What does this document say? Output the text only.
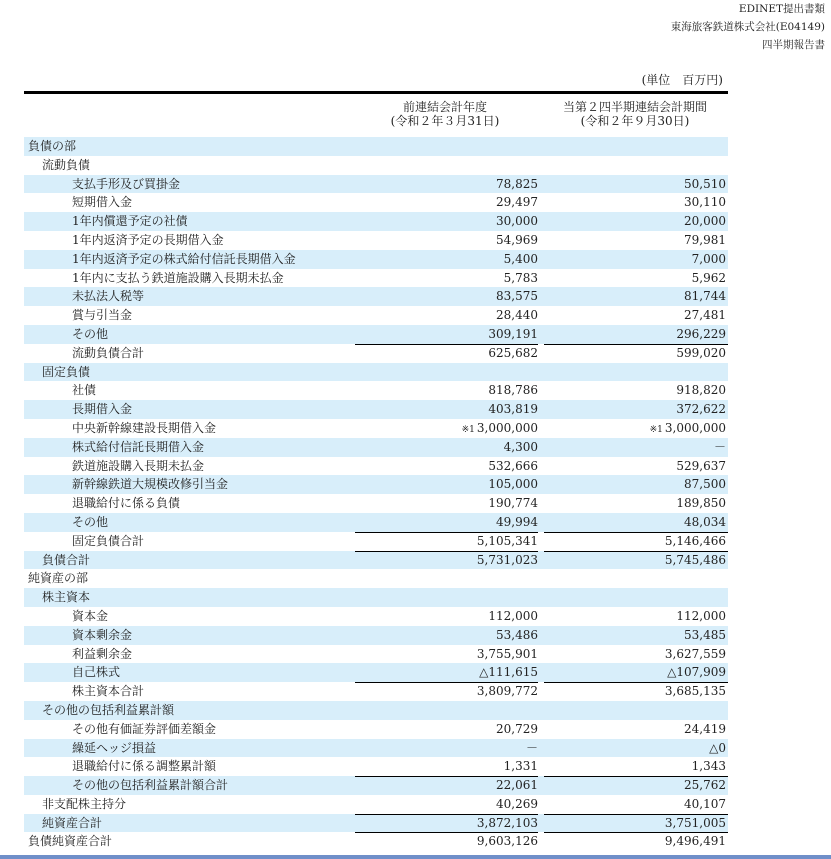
EDINET提出書類
東海旅客鉄道株式会社(E04149)
四半期報告書
(単位　百万円)
前連結会計年度
(令和２年３月31日)
当第２四半期連結会計期間
(令和２年９月30日)
負債の部
流動負債
支払手形及び買掛金	78,825	50,510
短期借入金	29,497	30,110
1年内償還予定の社債	30,000	20,000
1年内返済予定の長期借入金	54,969	79,981
1年内返済予定の株式給付信託長期借入金	5,400	7,000
1年内に支払う鉄道施設購入長期未払金	5,783	5,962
未払法人税等	83,575	81,744
賞与引当金	28,440	27,481
その他	309,191	296,229
流動負債合計	625,682	599,020
固定負債
社債	818,786	918,820
長期借入金	403,819	372,622
中央新幹線建設長期借入金	※1 3,000,000	※1 3,000,000
株式給付信託長期借入金	4,300	－
鉄道施設購入長期未払金	532,666	529,637
新幹線鉄道大規模改修引当金	105,000	87,500
退職給付に係る負債	190,774	189,850
その他	49,994	48,034
固定負債合計	5,105,341	5,146,466
負債合計	5,731,023	5,745,486
純資産の部
株主資本
資本金	112,000	112,000
資本剰余金	53,486	53,485
利益剰余金	3,755,901	3,627,559
自己株式	△111,615	△107,909
株主資本合計	3,809,772	3,685,135
その他の包括利益累計額
その他有価証券評価差額金	20,729	24,419
繰延ヘッジ損益	－	△0
退職給付に係る調整累計額	1,331	1,343
その他の包括利益累計額合計	22,061	25,762
非支配株主持分	40,269	40,107
純資産合計	3,872,103	3,751,005
負債純資産合計	9,603,126	9,496,491
